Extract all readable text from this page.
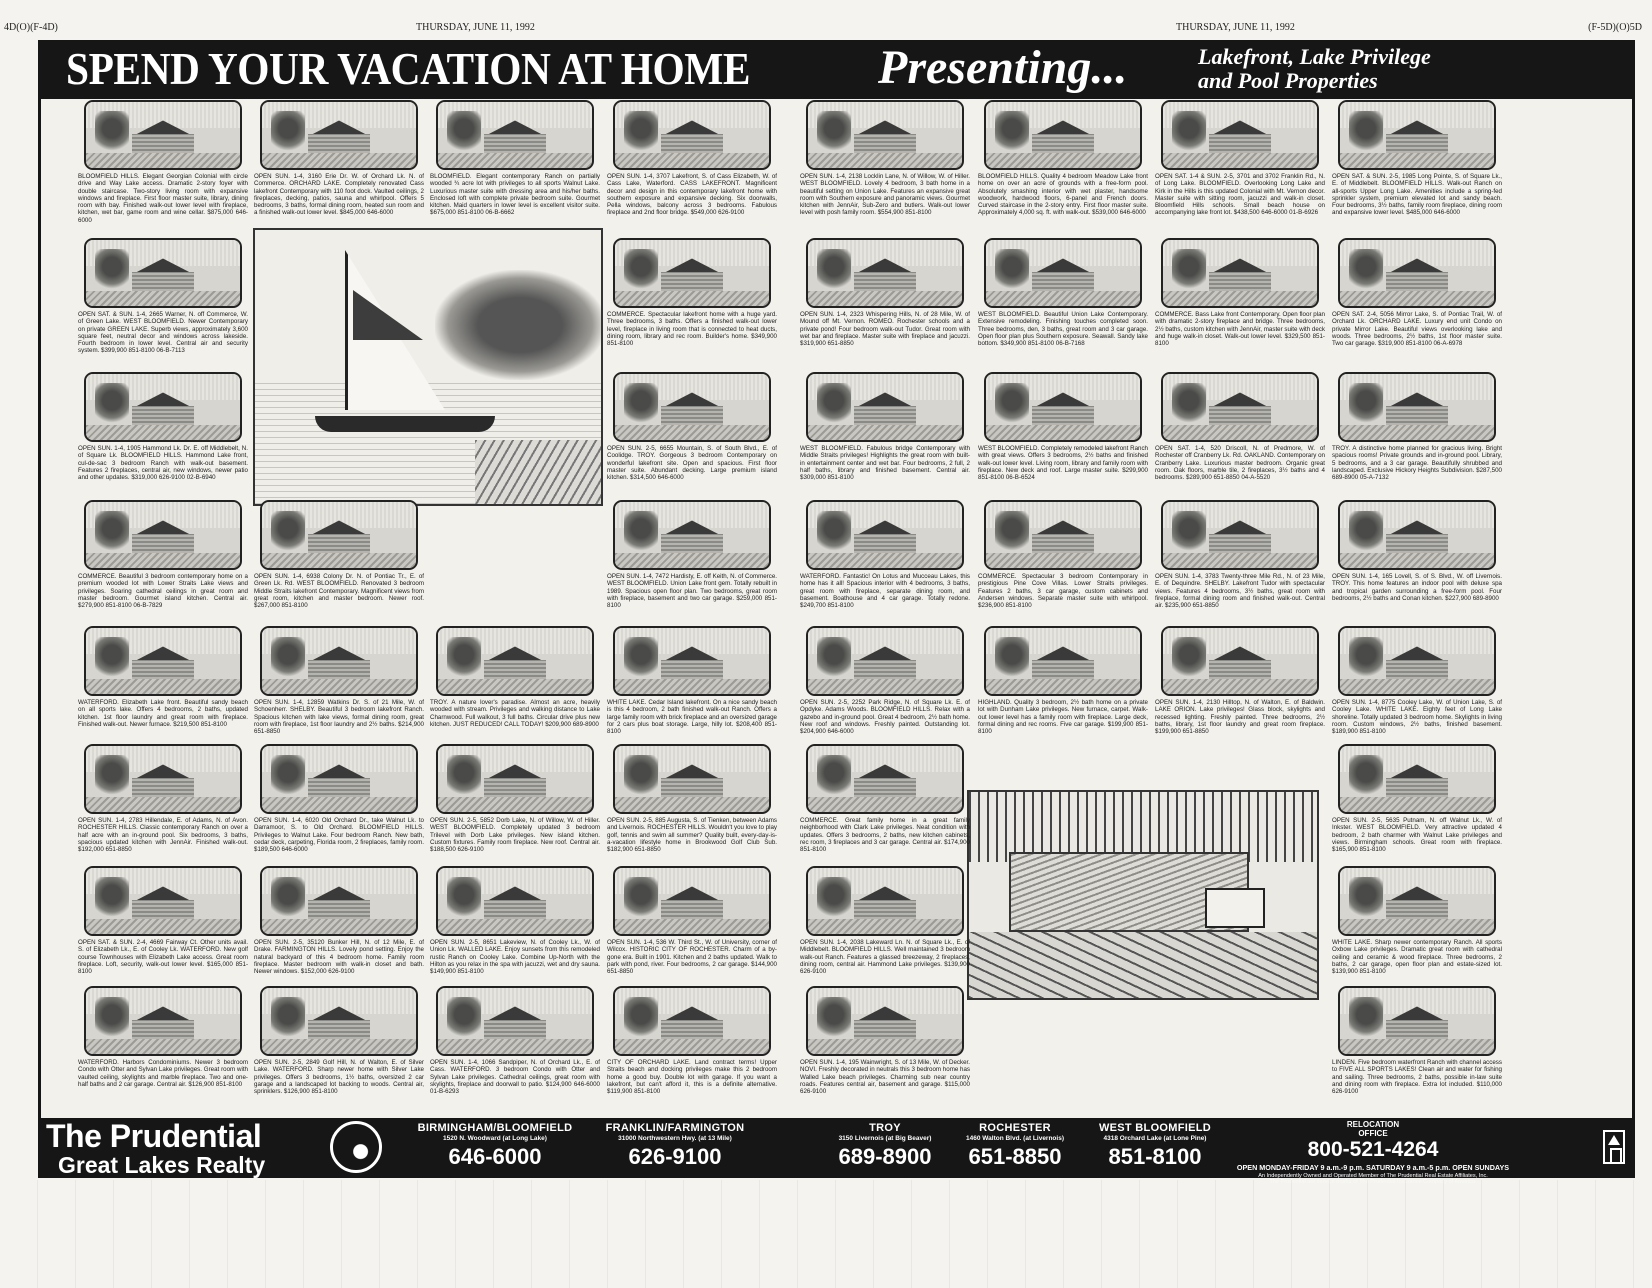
4D(O)(F-4D)	THURSDAY, JUNE 11, 1992	THURSDAY, JUNE 11, 1992	(F-5D)(O)5D
SPEND YOUR VACATION AT HOME	Presenting...	Lakefront, Lake Privilege
and Pool Properties
BLOOMFIELD HILLS. Elegant Georgian Colonial with circle drive and Way Lake access. Dramatic 2-story foyer with double staircase. Two-story living room with expansive windows and fireplace. First floor master suite, library, dining room with bay. Finished walk-out lower level with fireplace, kitchen, wet bar, game room and wine cellar. $875,000 646-6000
OPEN SUN. 1-4, 3160 Erie Dr. W. of Orchard Lk. N. of Commerce. ORCHARD LAKE. Completely renovated Cass lakefront Contemporary with 110 foot dock. Vaulted ceilings, 2 fireplaces, decking, patios, sauna and whirlpool. Offers 5 bedrooms, 3 baths, formal dining room, heated sun room and a finished walk-out lower level. $845,000 646-6000
BLOOMFIELD. Elegant contemporary Ranch on partially wooded ¾ acre lot with privileges to all sports Walnut Lake. Luxurious master suite with dressing area and his/her baths. Enclosed loft with complete private bedroom suite. Gourmet kitchen. Maid quarters in lower level is excellent visitor suite. $675,000 851-8100 06-B-6662
OPEN SUN. 1-4, 3707 Lakefront, S. of Cass Elizabeth, W. of Cass Lake, Waterford. CASS LAKEFRONT. Magnificent decor and design in this contemporary lakefront home with southern exposure and expansive decking. Six doorwalls, Pella windows, balcony across 3 bedrooms. Fabulous fireplace and 2nd floor bridge. $549,000 626-9100
OPEN SUN. 1-4, 2138 Locklin Lane, N. of Willow, W. of Hiller. WEST BLOOMFIELD. Lovely 4 bedroom, 3 bath home in a beautiful setting on Union Lake. Features an expansive great room with Southern exposure and panoramic views. Gourmet kitchen with JennAir, Sub-Zero and butlers. Walk-out lower level with posh family room. $554,900 851-8100
BLOOMFIELD HILLS. Quality 4 bedroom Meadow Lake front home on over an acre of grounds with a free-form pool. Absolutely smashing interior with wet plaster, handsome woodwork, hardwood floors, 6-panel and French doors. Curved staircase in the 2-story entry. First floor master suite. Approximately 4,000 sq. ft. with walk-out. $539,000 646-6000
OPEN SAT. 1-4 & SUN. 2-5, 3701 and 3702 Franklin Rd., N. of Long Lake. BLOOMFIELD. Overlooking Long Lake and Kirk in the Hills is this updated Colonial with Mt. Vernon decor. Master suite with sitting room, jacuzzi and walk-in closet. Bloomfield Hills schools. Small beach house on accompanying lake front lot. $438,500 646-6000 01-B-6926
OPEN SAT. & SUN. 2-5, 1985 Long Pointe, S. of Square Lk., E. of Middlebelt. BLOOMFIELD HILLS. Walk-out Ranch on all-sports Upper Long Lake. Amenities include a spring-fed sprinkler system, premium elevated lot and sandy beach. Four bedrooms, 3½ baths, family room fireplace, dining room and expansive lower level. $485,000 646-6000
OPEN SAT. & SUN. 1-4, 2665 Warner, N. off Commerce, W. of Green Lake. WEST BLOOMFIELD. Newer Contemporary on private GREEN LAKE. Superb views, approximately 3,600 square feet, neutral decor and windows across lakeside. Fourth bedroom in lower level. Central air and security system. $399,900 851-8100 06-B-7113
COMMERCE. Spectacular lakefront home with a huge yard. Three bedrooms, 3 baths. Offers a finished walk-out lower level, fireplace in living room that is connected to heat ducts, dining room, library and rec room. Builder's home. $349,900 851-8100
OPEN SUN. 1-4, 2323 Whispering Hills, N. of 28 Mile, W. of Mound off Mt. Vernon. ROMEO. Rochester schools and a private pond! Four bedroom walk-out Tudor. Great room with wet bar and fireplace. Master suite with fireplace and jacuzzi. $319,900 651-8850
WEST BLOOMFIELD. Beautiful Union Lake Contemporary. Extensive remodeling. Finishing touches completed soon. Three bedrooms, den, 3 baths, great room and 3 car garage. Open floor plan plus Southern exposure. Seawall. Sandy lake bottom. $349,900 851-8100 06-B-7168
COMMERCE. Bass Lake front Contemporary. Open floor plan with dramatic 2-story fireplace and bridge. Three bedrooms, 2½ baths, custom kitchen with JennAir, master suite with deck and huge walk-in closet. Walk-out lower level. $329,500 851-8100
OPEN SAT. 2-4, 5056 Mirror Lake, S. of Pontiac Trail, W. of Orchard Lk. ORCHARD LAKE. Luxury end unit Condo on private Mirror Lake. Beautiful views overlooking lake and woods. Three bedrooms, 2½ baths, 1st floor master suite. Two car garage. $319,900 851-8100 06-A-6978
OPEN SUN. 1-4, 1905 Hammond Lk. Dr. E. off Middlebelt, N. of Square Lk. BLOOMFIELD HILLS. Hammond Lake front, cul-de-sac 3 bedroom Ranch with walk-out basement. Features 2 fireplaces, central air, new windows, newer patio and other updates. $319,000 626-9100 02-B-6940
OPEN SUN. 2-5, 6655 Mountain, S. of South Blvd., E. of Coolidge. TROY. Gorgeous 3 bedroom Contemporary on wonderful lakefront site. Open and spacious. First floor master suite. Abundant decking. Large premium island kitchen. $314,500 646-6000
WEST BLOOMFIELD. Fabulous bridge Contemporary with Middle Straits privileges! Highlights the great room with built-in entertainment center and wet bar. Four bedrooms, 2 full, 2 half baths, library and finished basement. Central air. $309,000 851-8100
WEST BLOOMFIELD. Completely remodeled lakefront Ranch with great views. Offers 3 bedrooms, 2½ baths and finished walk-out lower level. Living room, library and family room with fireplace. New deck and roof. Large master suite. $299,900 851-8100 06-B-6524
OPEN SAT. 1-4, 520 Driscoll, N. of Predmore, W. of Rochester off Cranberry Lk. Rd. OAKLAND. Contemporary on Cranberry Lake. Luxurious master bedroom. Organic great room. Oak floors, marble tile, 2 fireplaces, 3½ baths and 4 bedrooms. $289,900 651-8850 04-A-5520
TROY. A distinctive home planned for gracious living. Bright spacious rooms! Private grounds and in-ground pool. Library, 5 bedrooms, and a 3 car garage. Beautifully shrubbed and landscaped. Exclusive Hickory Heights Subdivision. $287,500 689-8900 05-A-7132
COMMERCE. Beautiful 3 bedroom contemporary home on a premium wooded lot with Lower Straits Lake views and privileges. Soaring cathedral ceilings in great room and master bedroom. Gourmet island kitchen. Central air. $279,900 851-8100 06-B-7829
OPEN SUN. 1-4, 6938 Colony Dr. N. of Pontiac Tr., E. of Green Lk. Rd. WEST BLOOMFIELD. Renovated 3 bedroom Middle Straits lakefront Contemporary. Magnificent views from great room, kitchen and master bedroom. Newer roof. $267,000 851-8100
OPEN SUN. 1-4, 7472 Hardisty, E. off Keith, N. of Commerce. WEST BLOOMFIELD. Union Lake front gem. Totally rebuilt in 1989. Spacious open floor plan. Two bedrooms, great room with fireplace, basement and two car garage. $259,000 851-8100
WATERFORD. Fantastic! On Lotus and Mucceau Lakes, this home has it all! Spacious interior with 4 bedrooms, 3 baths, great room with fireplace, separate dining room, and basement. Boathouse and 4 car garage. Totally redone. $249,700 851-8100
COMMERCE. Spectacular 3 bedroom Contemporary in prestigious Pine Cove Villas. Lower Straits privileges. Features 2 baths, 3 car garage, custom cabinets and Andersen windows. Separate master suite with whirlpool. $236,900 851-8100
OPEN SUN. 1-4, 3783 Twenty-three Mile Rd., N. of 23 Mile, E. of Dequindre. SHELBY. Lakefront Tudor with spectacular views. Features 4 bedrooms, 3½ baths, great room with fireplace, formal dining room and finished walk-out. Central air. $235,900 651-8850
OPEN SUN. 1-4, 165 Lovell, S. of S. Blvd., W. off Livernois. TROY. This home features an indoor pool with deluxe spa and tropical garden surrounding a free-form pool. Four bedrooms, 2½ baths and Conan kitchen. $227,900 689-8900
WATERFORD. Elizabeth Lake front. Beautiful sandy beach on all sports lake. Offers 4 bedrooms, 2 baths, updated kitchen. 1st floor laundry and great room with fireplace. Finished walk-out. Newer furnace. $219,500 851-8100
OPEN SUN. 1-4, 12859 Watkins Dr. S. of 21 Mile, W. of Schoenherr. SHELBY. Beautiful 3 bedroom lakefront Ranch. Spacious kitchen with lake views, formal dining room, great room with fireplace, 1st floor laundry and 2½ baths. $214,900 651-8850
TROY. A nature lover's paradise. Almost an acre, heavily wooded with stream. Privileges and walking distance to Lake Charnwood. Full walkout, 3 full baths. Circular drive plus new kitchen. JUST REDUCED! CALL TODAY! $209,900 689-8900
WHITE LAKE. Cedar Island lakefront. On a nice sandy beach is this 4 bedroom, 2 bath finished walk-out Ranch. Offers a large family room with brick fireplace and an oversized garage for 2 cars plus boat storage. Large, hilly lot. $208,400 851-8100
OPEN SUN. 2-5, 2252 Park Ridge, N. of Square Lk. E. of Opdyke. Adams Woods. BLOOMFIELD HILLS. Relax with a gazebo and in-ground pool. Great 4 bedroom, 2½ bath home. New roof and windows. Freshly painted. Outstanding lot. $204,900 646-6000
HIGHLAND. Quality 3 bedroom, 2½ bath home on a private lot with Dunham Lake privileges. New furnace, carpet. Walk-out lower level has a family room with fireplace. Large deck, formal dining and rec rooms. Five car garage. $199,900 851-8100
OPEN SUN. 1-4, 2130 Hilltop, N. of Walton, E. of Baldwin. LAKE ORION. Lake privileges! Glass block, skylights and recessed lighting. Freshly painted. Three bedrooms, 2½ baths, library, 1st floor laundry and great room fireplace. $199,900 651-8850
OPEN SUN. 1-4, 8775 Cooley Lake, W. of Union Lake, S. of Cooley Lake. WHITE LAKE. Eighty feet of Long Lake shoreline. Totally updated 3 bedroom home. Skylights in living room. Custom windows, 2½ baths, finished basement. $189,900 851-8100
OPEN SUN. 1-4, 2783 Hillendale, E. of Adams, N. of Avon. ROCHESTER HILLS. Classic contemporary Ranch on over a half acre with an in-ground pool. Six bedrooms, 3 baths, spacious updated kitchen with JennAir. Finished walk-out. $192,000 651-8850
OPEN SUN. 1-4, 6020 Old Orchard Dr., take Walnut Lk. to Darramoor, S. to Old Orchard. BLOOMFIELD HILLS. Privileges to Walnut Lake. Four bedroom Ranch. New bath, cedar deck, carpeting, Florida room, 2 fireplaces, family room. $189,500 646-6000
OPEN SUN. 2-5, 5852 Dorb Lake, N. of Willow, W. of Hiller. WEST BLOOMFIELD. Completely updated 3 bedroom Trilevel with Dorb Lake privileges. New island kitchen. Custom fixtures. Family room fireplace. New roof. Central air. $188,500 626-9100
OPEN SUN. 2-5, 885 Augusta, S. of Tienken, between Adams and Livernois. ROCHESTER HILLS. Wouldn't you love to play golf, tennis and swim all summer? Quality built, every-day-is-a-vacation lifestyle home in Brookwood Golf Club Sub. $182,900 651-8850
COMMERCE. Great family home in a great family neighborhood with Clark Lake privileges. Neat condition with updates. Offers 3 bedrooms, 2 baths, new kitchen cabinets, rec room, 3 fireplaces and 3 car garage. Central air. $174,900 851-8100
OPEN SUN. 2-5, 5635 Putnam, N. off Walnut Lk., W. of Inkster. WEST BLOOMFIELD. Very attractive updated 4 bedroom, 2 bath charmer with Walnut Lake privileges and views. Birmingham schools. Great room with fireplace. $165,900 851-8100
OPEN SAT. & SUN. 2-4, 4669 Fairway Ct. Other units avail. S. of Elizabeth Lk., E. of Cooley Lk. WATERFORD. New golf course Townhouses with Elizabeth Lake access. Great room fireplace. Loft, security, walk-out lower level. $165,000 851-8100
OPEN SUN. 2-5, 35120 Bunker Hill, N. of 12 Mile, E. of Drake. FARMINGTON HILLS. Lovely pond setting. Enjoy the natural backyard of this 4 bedroom home. Family room fireplace. Master bedroom with walk-in closet and bath. Newer windows. $152,000 626-9100
OPEN SUN. 2-5, 8651 Lakeview, N. of Cooley Lk., W. of Union Lk. WALLED LAKE. Enjoy sunsets from this remodeled rustic Ranch on Cooley Lake. Combine Up-North with the Hilton as you relax in the spa with jacuzzi, wet and dry sauna. $149,900 851-8100
OPEN SUN. 1-4, 536 W. Third St., W. of University, corner of Wilcox. HISTORIC CITY OF ROCHESTER. Charm of a by-gone era. Built in 1901. Kitchen and 2 baths updated. Walk to park with pond, river. Four bedrooms, 2 car garage. $144,900 651-8850
OPEN SUN. 1-4, 2038 Lakeward Ln. N. of Square Lk., E. of Middlebelt. BLOOMFIELD HILLS. Well maintained 3 bedroom walk-out Ranch. Features a glassed breezeway, 2 fireplaces, dining room, central air. Hammond Lake privileges. $139,900 626-9100
WHITE LAKE. Sharp newer contemporary Ranch. All sports Oxbow Lake privileges. Dramatic great room with cathedral ceiling and ceramic & wood fireplace. Three bedrooms, 2 baths, 2 car garage, open floor plan and estate-sized lot. $139,900 851-8100
WATERFORD. Harbors Condominiums. Newer 3 bedroom Condo with Otter and Sylvan Lake privileges. Great room with vaulted ceiling, skylights and marble fireplace. Two and one-half baths and 2 car garage. Central air. $126,900 851-8100
OPEN SUN. 2-5, 2849 Golf Hill, N. of Walton, E. of Silver Lake. WATERFORD. Sharp newer home with Silver Lake privileges. Offers 3 bedrooms, 1½ baths, oversized 2 car garage and a landscaped lot backing to woods. Central air, sprinklers. $126,900 851-8100
OPEN SUN. 1-4, 1066 Sandpiper, N. of Orchard Lk., E. of Cass. WATERFORD. 3 bedroom Condo with Otter and Sylvan Lake privileges. Cathedral ceilings, great room with skylights, fireplace and doorwall to patio. $124,900 646-6000 01-B-6293
CITY OF ORCHARD LAKE. Land contract terms! Upper Straits beach and docking privileges make this 2 bedroom home a good buy. Double lot with garage. If you want a lakefront, but can't afford it, this is a definite alternative. $119,900 851-8100
OPEN SUN. 1-4, 195 Wainwright, S. of 13 Mile, W. of Decker. NOVI. Freshly decorated in neutrals this 3 bedroom home has Walled Lake beach privileges. Charming sub near country roads. Features central air, basement and garage. $115,000 626-9100
LINDEN. Five bedroom waterfront Ranch with channel access to FIVE ALL SPORTS LAKES! Clean air and water for fishing and sailing. Three bedrooms, 2 baths, possible in-law suite and dining room with fireplace. Extra lot included. $110,000 626-9100
The Prudential
Great Lakes Realty
BIRMINGHAM/BLOOMFIELD
1520 N. Woodward (at Long Lake)
646-6000
FRANKLIN/FARMINGTON
31000 Northwestern Hwy. (at 13 Mile)
626-9100
TROY
3150 Livernois (at Big Beaver)
689-8900
ROCHESTER
1460 Walton Blvd. (at Livernois)
651-8850
WEST BLOOMFIELD
4318 Orchard Lake (at Lone Pine)
851-8100
RELOCATION
OFFICE
800-521-4264
OPEN MONDAY-FRIDAY 9 a.m.-9 p.m. SATURDAY 9 a.m.-5 p.m. OPEN SUNDAYS
An Independently Owned and Operated Member of The Prudential Real Estate Affiliates, Inc.
